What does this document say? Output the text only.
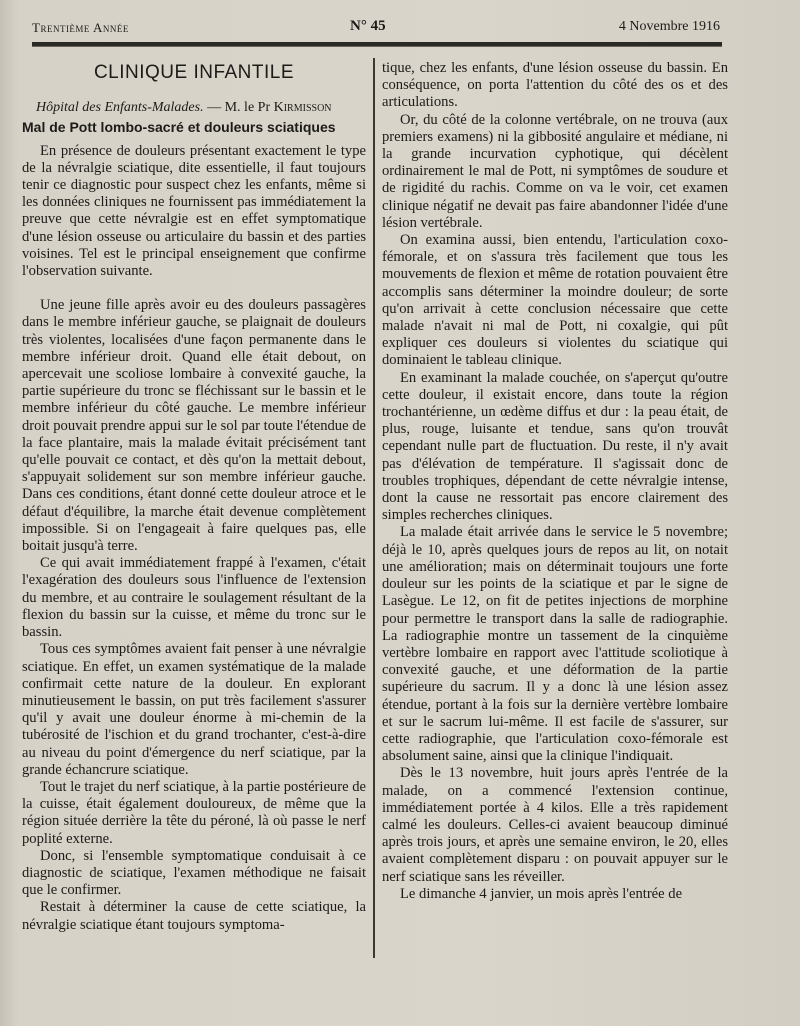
Trentième Année	N° 45	4 Novembre 1916
CLINIQUE INFANTILE
Hôpital des Enfants-Malades. — M. le Pr Kirmisson
Mal de Pott lombo-sacré et douleurs sciatiques

En présence de douleurs présentant exactement le type de la névralgie sciatique, dite essentielle, il faut toujours tenir ce diagnostic pour suspect chez les enfants, même si les données cliniques ne fournissent pas immédiatement la preuve que cette névralgie est en effet symptomatique d'une lésion osseuse ou articulaire du bassin et des parties voisines. Tel est le principal enseignement que confirme l'observation suivante.

Une jeune fille après avoir eu des douleurs passagères dans le membre inférieur gauche, se plaignait de douleurs très violentes, localisées d'une façon permanente dans le membre inférieur droit. Quand elle était debout, on apercevait une scoliose lombaire à convexité gauche, la partie supérieure du tronc se fléchissant sur le bassin et le membre inférieur du côté gauche. Le membre inférieur droit pouvait prendre appui sur le sol par toute l'étendue de la face plantaire, mais la malade évitait précisément tant qu'elle pouvait ce contact, et dès qu'on la mettait debout, s'appuyait solidement sur son membre inférieur gauche. Dans ces conditions, étant donné cette douleur atroce et le défaut d'équilibre, la marche était devenue complètement impossible. Si on l'engageait à faire quelques pas, elle boitait jusqu'à terre.

Ce qui avait immédiatement frappé à l'examen, c'était l'exagération des douleurs sous l'influence de l'extension du membre, et au contraire le soulagement résultant de la flexion du bassin sur la cuisse, et même du tronc sur le bassin.

Tous ces symptômes avaient fait penser à une névralgie sciatique. En effet, un examen systématique de la malade confirmait cette nature de la douleur. En explorant minutieusement le bassin, on put très facilement s'assurer qu'il y avait une douleur énorme à mi-chemin de la tubérosité de l'ischion et du grand trochanter, c'est-à-dire au niveau du point d'émergence du nerf sciatique, par la grande échancrure sciatique.

Tout le trajet du nerf sciatique, à la partie postérieure de la cuisse, était également douloureux, de même que la région située derrière la tête du péroné, là où passe le nerf poplité externe.

Donc, si l'ensemble symptomatique conduisait à ce diagnostic de sciatique, l'examen méthodique ne faisait que le confirmer.

Restait à déterminer la cause de cette sciatique, la névralgie sciatique étant toujours symptoma-

tique, chez les enfants, d'une lésion osseuse du bassin. En conséquence, on porta l'attention du côté des os et des articulations.

Or, du côté de la colonne vertébrale, on ne trouva (aux premiers examens) ni la gibbosité angulaire et médiane, ni la grande incurvation cyphotique, qui décèlent ordinairement le mal de Pott, ni symptômes de soudure et de rigidité du rachis. Comme on va le voir, cet examen clinique négatif ne devait pas faire abandonner l'idée d'une lésion vertébrale.

On examina aussi, bien entendu, l'articulation coxo-fémorale, et on s'assura très facilement que tous les mouvements de flexion et même de rotation pouvaient être accomplis sans déterminer la moindre douleur; de sorte qu'on arrivait à cette conclusion nécessaire que cette malade n'avait ni mal de Pott, ni coxalgie, qui pût expliquer ces douleurs si violentes du sciatique qui dominaient le tableau clinique.

En examinant la malade couchée, on s'aperçut qu'outre cette douleur, il existait encore, dans toute la région trochantérienne, un œdème diffus et dur : la peau était, de plus, rouge, luisante et tendue, sans qu'on trouvât cependant nulle part de fluctuation. Du reste, il n'y avait pas d'élévation de température. Il s'agissait donc de troubles trophiques, dépendant de cette névralgie intense, dont la cause ne ressortait pas encore clairement des simples recherches cliniques.

La malade était arrivée dans le service le 5 novembre; déjà le 10, après quelques jours de repos au lit, on notait une amélioration; mais on déterminait toujours une forte douleur sur les points de la sciatique et par le signe de Lasègue. Le 12, on fit de petites injections de morphine pour permettre le transport dans la salle de radiographie. La radiographie montre un tassement de la cinquième vertèbre lombaire en rapport avec l'attitude scoliotique à convexité gauche, et une déformation de la partie supérieure du sacrum. Il y a donc là une lésion assez étendue, portant à la fois sur la dernière vertèbre lombaire et sur le sacrum lui-même. Il est facile de s'assurer, sur cette radiographie, que l'articulation coxo-fémorale est absolument saine, ainsi que la clinique l'indiquait.

Dès le 13 novembre, huit jours après l'entrée de la malade, on a commencé l'extension continue, immédiatement portée à 4 kilos. Elle a très rapidement calmé les douleurs. Celles-ci avaient beaucoup diminué après trois jours, et après une semaine environ, le 20, elles avaient complètement disparu : on pouvait appuyer sur le nerf sciatique sans les réveiller.

Le dimanche 4 janvier, un mois après l'entrée de
